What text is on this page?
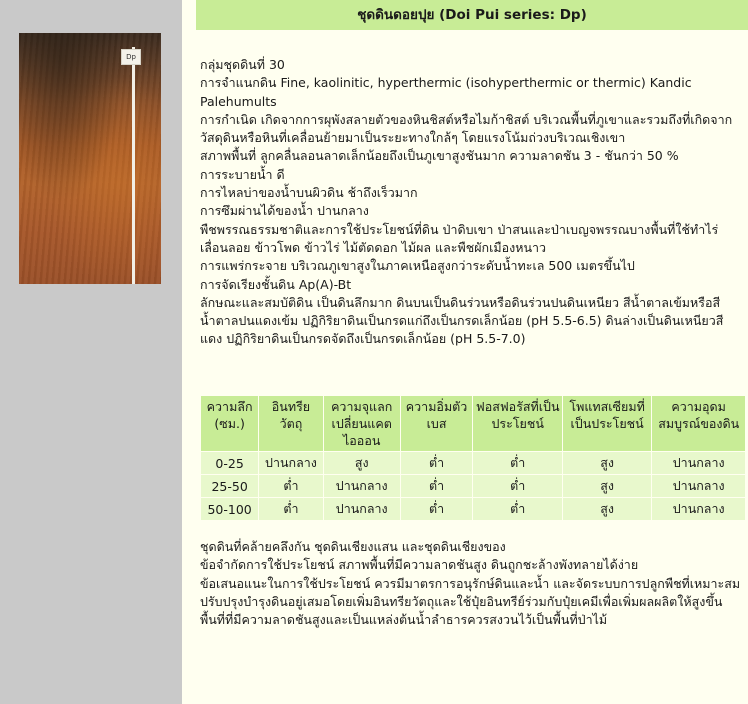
Dp
ชุดดินดอยปุย (Doi Pui series: Dp)

กลุ่มชุดดินที่ 30

การจำแนกดิน Fine, kaolinitic, hyperthermic (isohyperthermic or thermic) Kandic Palehumults

การกำเนิด เกิดจากการผุพังสลายตัวของหินชิสต์หรือไมก้าชิสต์ บริเวณพื้นที่ภูเขาและรวมถึงที่เกิดจากวัสดุดินหรือหินที่เคลื่อนย้ายมาเป็นระยะทางใกล้ๆ โดยแรงโน้มถ่วงบริเวณเชิงเขา

สภาพพื้นที่ ลูกคลื่นลอนลาดเล็กน้อยถึงเป็นภูเขาสูงชันมาก ความลาดชัน 3 - ชันกว่า 50 %

การระบายน้ำ ดี

การไหลบ่าของน้ำบนผิวดิน ช้าถึงเร็วมาก

การซึมผ่านได้ของน้ำ ปานกลาง

พืชพรรณธรรมชาติและการใช้ประโยชน์ที่ดิน ป่าดิบเขา ป่าสนและป่าเบญจพรรณบางพื้นที่ใช้ทำไร่เลื่อนลอย ข้าวโพด ข้าวไร่ ไม้ตัดดอก ไม้ผล และพืชผักเมืองหนาว

การแพร่กระจาย บริเวณภูเขาสูงในภาคเหนือสูงกว่าระดับน้ำทะเล 500 เมตรขึ้นไป

การจัดเรียงชั้นดิน Ap(A)-Bt

ลักษณะและสมบัติดิน เป็นดินลึกมาก ดินบนเป็นดินร่วนหรือดินร่วนปนดินเหนียว สีน้ำตาลเข้มหรือสีน้ำตาลปนแดงเข้ม ปฏิกิริยาดินเป็นกรดแก่ถึงเป็นกรดเล็กน้อย (pH 5.5-6.5) ดินล่างเป็นดินเหนียวสีแดง ปฏิกิริยาดินเป็นกรดจัดถึงเป็นกรดเล็กน้อย (pH 5.5-7.0)

ความลึก (ซม.)	อินทรียวัตถุ	ความจุแลกเปลี่ยนแคตไอออน	ความอิ่มตัวเบส	ฟอสฟอรัสที่เป็นประโยชน์	โพแทสเซียมที่เป็นประโยชน์	ความอุดมสมบูรณ์ของดิน
0-25	ปานกลาง	สูง	ต่ำ	ต่ำ	สูง	ปานกลาง
25-50	ต่ำ	ปานกลาง	ต่ำ	ต่ำ	สูง	ปานกลาง
50-100	ต่ำ	ปานกลาง	ต่ำ	ต่ำ	สูง	ปานกลาง

ชุดดินที่คล้ายคลึงกัน ชุดดินเชียงแสน และชุดดินเชียงของ

ข้อจำกัดการใช้ประโยชน์ สภาพพื้นที่มีความลาดชันสูง ดินถูกชะล้างพังทลายได้ง่าย

ข้อเสนอแนะในการใช้ประโยชน์ ควรมีมาตรการอนุรักษ์ดินและน้ำ และจัดระบบการปลูกพืชที่เหมาะสม ปรับปรุงบำรุงดินอยู่เสมอโดยเพิ่มอินทรียวัตถุและใช้ปุ๋ยอินทรีย์ร่วมกับปุ๋ยเคมีเพื่อเพิ่มผลผลิตให้สูงขึ้น พื้นที่ที่มีความลาดชันสูงและเป็นแหล่งต้นน้ำลำธารควรสงวนไว้เป็นพื้นที่ป่าไม้
